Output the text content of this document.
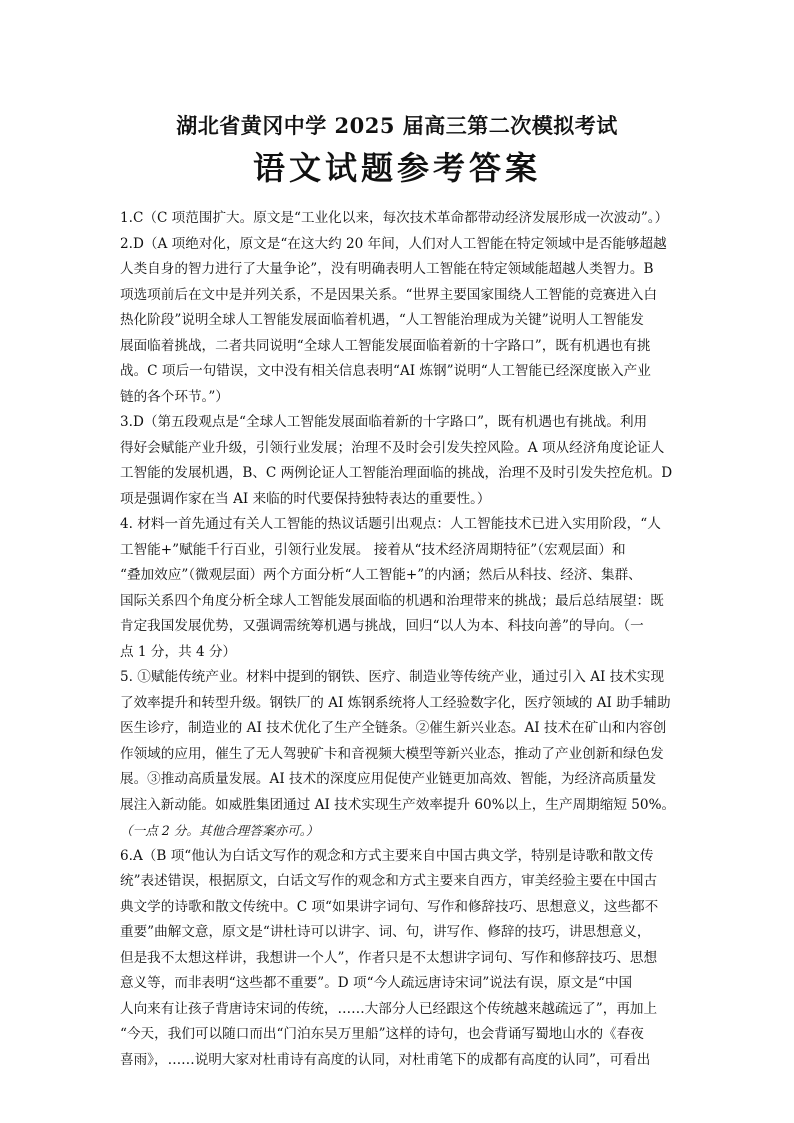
湖北省黄冈中学 2025 届高三第二次模拟考试
语文试题参考答案
1.C（C 项范围扩大。原文是“工业化以来，每次技术革命都带动经济发展形成一次波动”。）
2.D（A 项绝对化，原文是“在这大约 20 年间，人们对人工智能在特定领域中是否能够超越
人类自身的智力进行了大量争论”，没有明确表明人工智能在特定领域能超越人类智力。B
项选项前后在文中是并列关系，不是因果关系。“世界主要国家围绕人工智能的竞赛进入白
热化阶段”说明全球人工智能发展面临着机遇，“人工智能治理成为关键”说明人工智能发
展面临着挑战，二者共同说明“全球人工智能发展面临着新的十字路口”，既有机遇也有挑
战。C 项后一句错误，文中没有相关信息表明“AI 炼钢”说明“人工智能已经深度嵌入产业
链的各个环节。”）
3.D（第五段观点是“全球人工智能发展面临着新的十字路口”，既有机遇也有挑战。利用
得好会赋能产业升级，引领行业发展；治理不及时会引发失控风险。A 项从经济角度论证人
工智能的发展机遇，B、C 两例论证人工智能治理面临的挑战，治理不及时引发失控危机。D
项是强调作家在当 AI 来临的时代要保持独特表达的重要性。）
4. 材料一首先通过有关人工智能的热议话题引出观点：人工智能技术已进入实用阶段，“人
工智能+”赋能千行百业，引领行业发展。 接着从“技术经济周期特征”（宏观层面）和
“叠加效应”（微观层面）两个方面分析“人工智能+”的内涵；然后从科技、经济、集群、
国际关系四个角度分析全球人工智能发展面临的机遇和治理带来的挑战；最后总结展望：既
肯定我国发展优势，又强调需统筹机遇与挑战，回归“以人为本、科技向善”的导向。（一
点 1 分，共 4 分）
5. ①赋能传统产业。材料中提到的钢铁、医疗、制造业等传统产业，通过引入 AI 技术实现
了效率提升和转型升级。钢铁厂的 AI 炼钢系统将人工经验数字化，医疗领域的 AI 助手辅助
医生诊疗，制造业的 AI 技术优化了生产全链条。②催生新兴业态。AI 技术在矿山和内容创
作领域的应用，催生了无人驾驶矿卡和音视频大模型等新兴业态，推动了产业创新和绿色发
展。③推动高质量发展。AI 技术的深度应用促使产业链更加高效、智能，为经济高质量发
展注入新动能。如威胜集团通过 AI 技术实现生产效率提升 60%以上，生产周期缩短 50%。
（一点 2 分。其他合理答案亦可。）
6.A（B 项“他认为白话文写作的观念和方式主要来自中国古典文学，特别是诗歌和散文传
统”表述错误，根据原文，白话文写作的观念和方式主要来自西方，审美经验主要在中国古
典文学的诗歌和散文传统中。C 项“如果讲字词句、写作和修辞技巧、思想意义，这些都不
重要”曲解文意，原文是“讲杜诗可以讲字、词、句，讲写作、修辞的技巧，讲思想意义，
但是我不太想这样讲，我想讲一个人”，作者只是不太想讲字词句、写作和修辞技巧、思想
意义等，而非表明“这些都不重要”。D 项“今人疏远唐诗宋词”说法有误，原文是“中国
人向来有让孩子背唐诗宋词的传统，……大部分人已经跟这个传统越来越疏远了”，再加上
“今天，我们可以随口而出“门泊东吴万里船”这样的诗句，也会背诵写蜀地山水的《春夜
喜雨》，……说明大家对杜甫诗有高度的认同，对杜甫笔下的成都有高度的认同”，可看出
